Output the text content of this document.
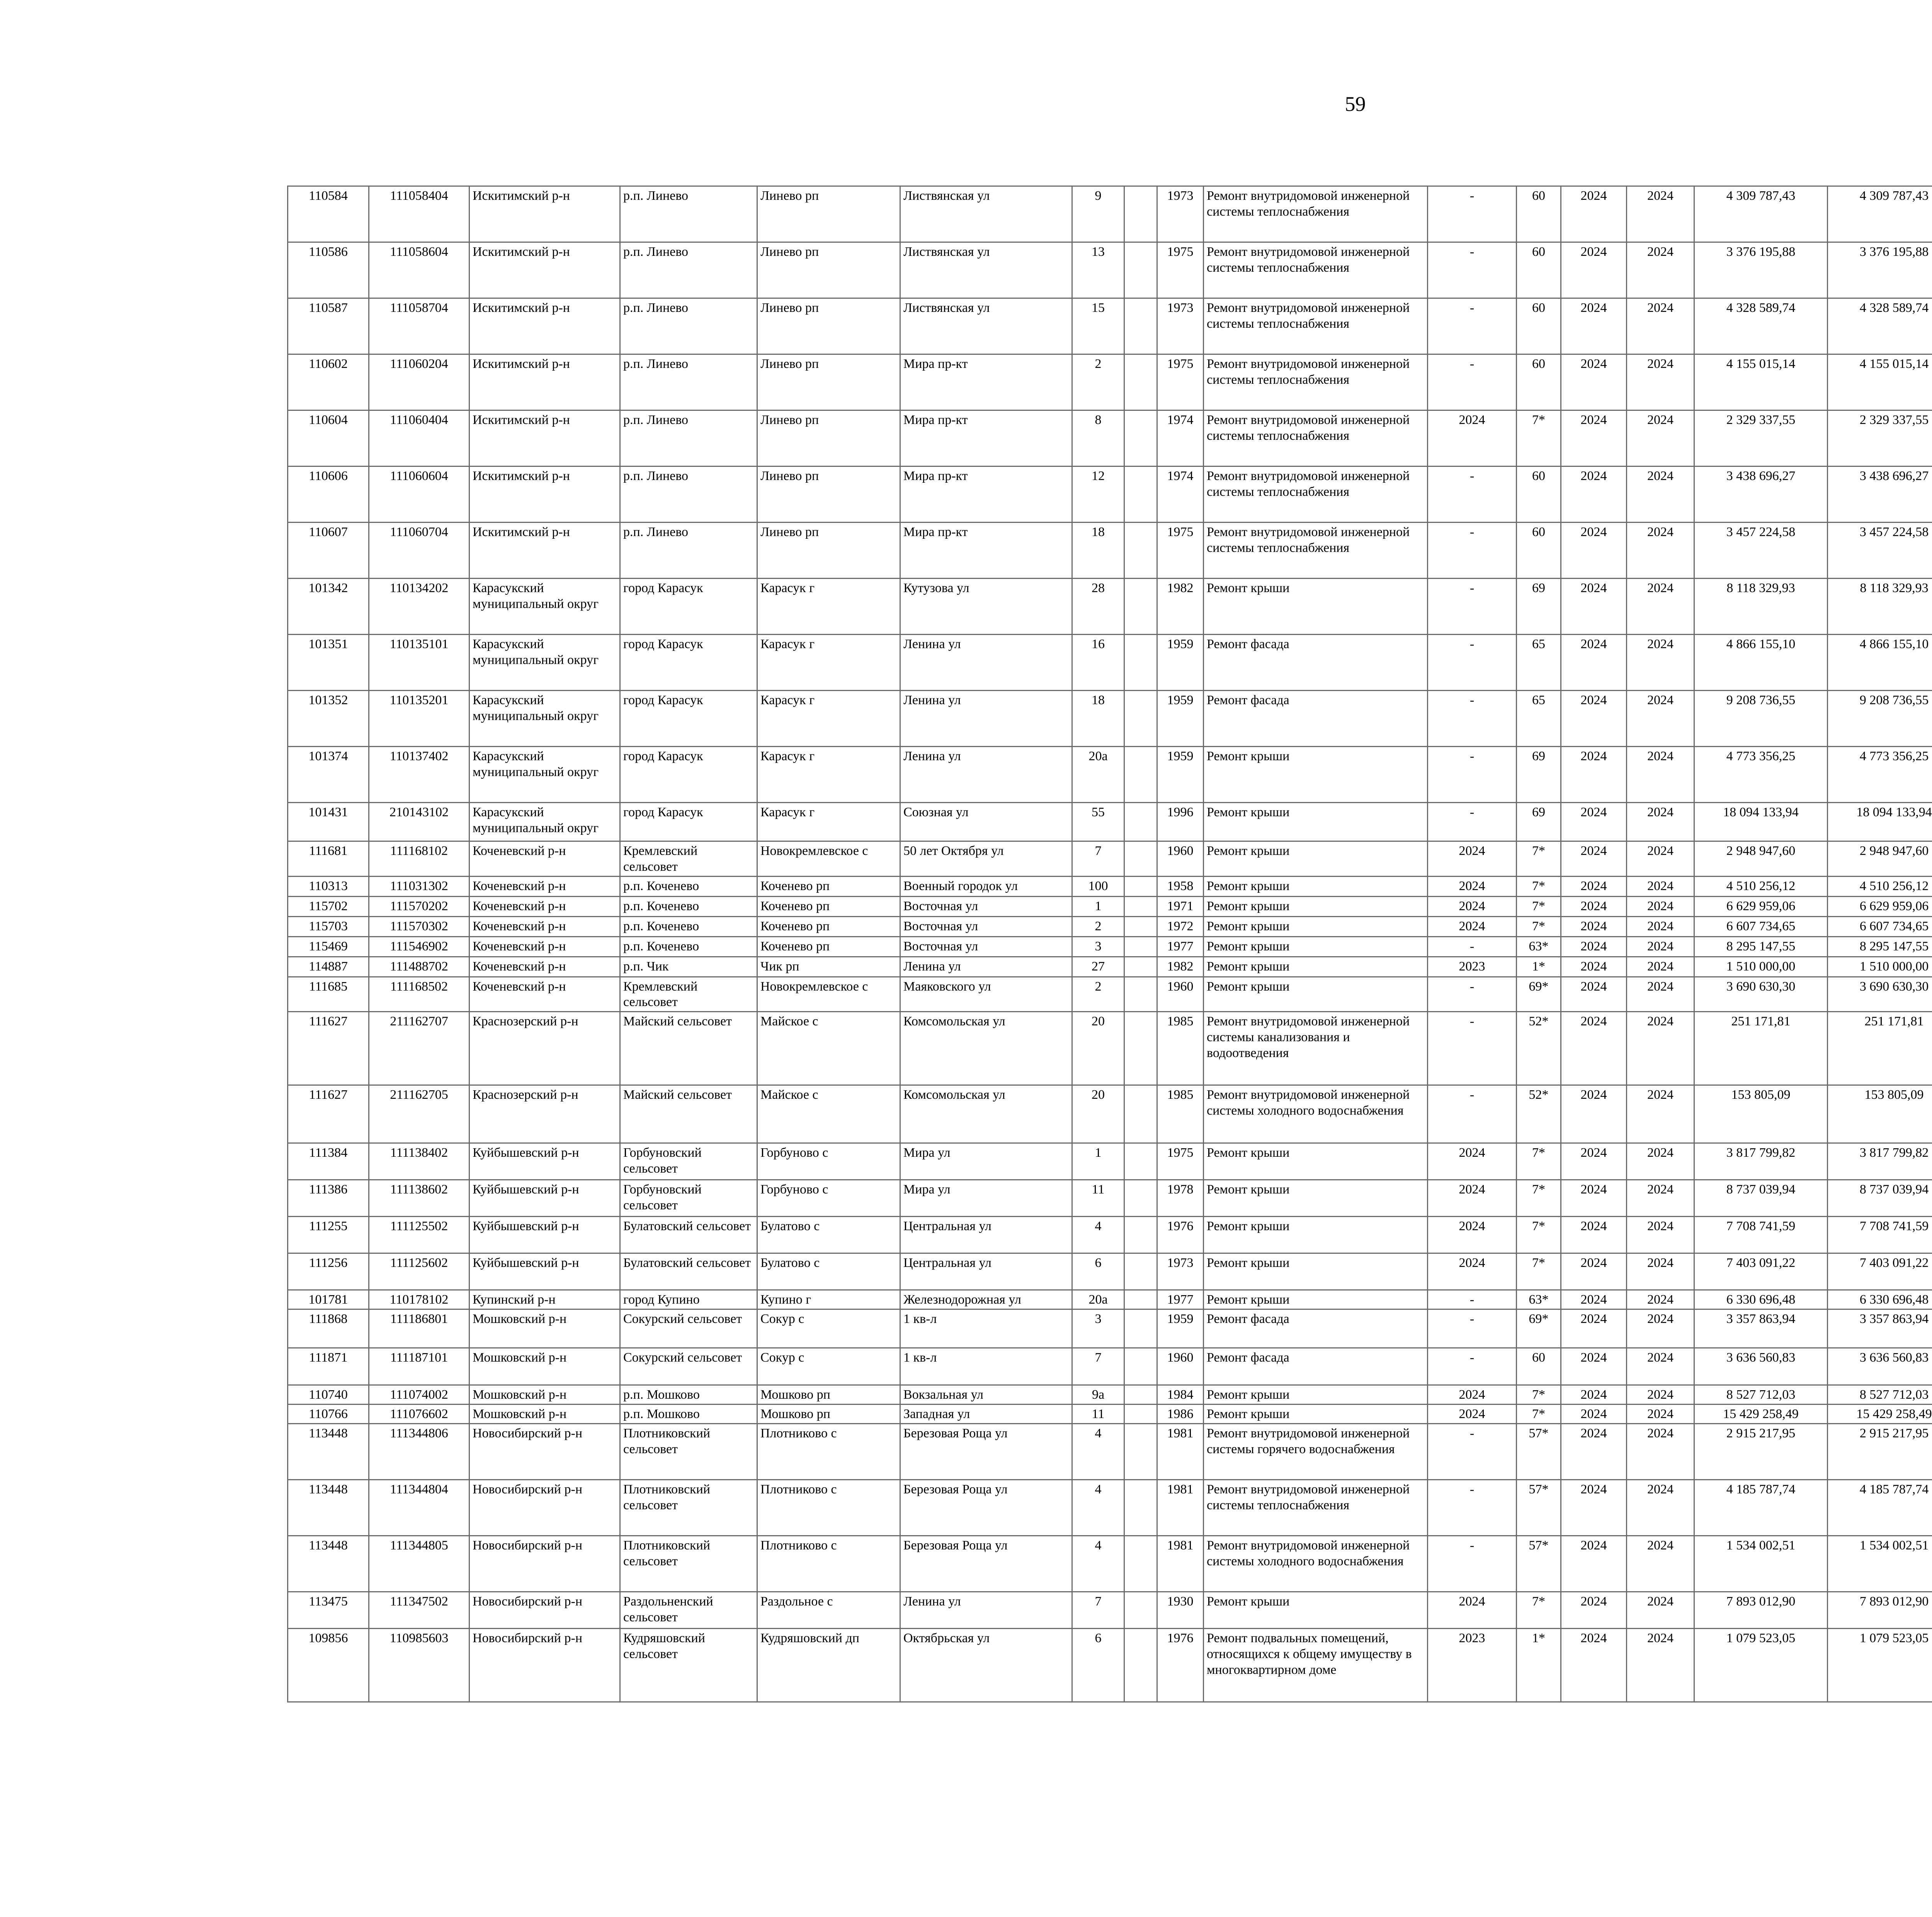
59
110584	111058404	Искитимский р-н	р.п. Линево	Линево рп	Листвянская ул	9		1973	Ремонт внутридомовой инженерной системы теплоснабжения	-	60	2024	2024	4 309 787,43	4 309 787,43						
110586	111058604	Искитимский р-н	р.п. Линево	Линево рп	Листвянская ул	13		1975	Ремонт внутридомовой инженерной системы теплоснабжения	-	60	2024	2024	3 376 195,88	3 376 195,88						
110587	111058704	Искитимский р-н	р.п. Линево	Линево рп	Листвянская ул	15		1973	Ремонт внутридомовой инженерной системы теплоснабжения	-	60	2024	2024	4 328 589,74	4 328 589,74						
110602	111060204	Искитимский р-н	р.п. Линево	Линево рп	Мира пр-кт	2		1975	Ремонт внутридомовой инженерной системы теплоснабжения	-	60	2024	2024	4 155 015,14	4 155 015,14						
110604	111060404	Искитимский р-н	р.п. Линево	Линево рп	Мира пр-кт	8		1974	Ремонт внутридомовой инженерной системы теплоснабжения	2024	7*	2024	2024	2 329 337,55	2 329 337,55						
110606	111060604	Искитимский р-н	р.п. Линево	Линево рп	Мира пр-кт	12		1974	Ремонт внутридомовой инженерной системы теплоснабжения	-	60	2024	2024	3 438 696,27	3 438 696,27						
110607	111060704	Искитимский р-н	р.п. Линево	Линево рп	Мира пр-кт	18		1975	Ремонт внутридомовой инженерной системы теплоснабжения	-	60	2024	2024	3 457 224,58	3 457 224,58						
101342	110134202	Карасукский муниципальный округ	город Карасук	Карасук г	Кутузова ул	28		1982	Ремонт крыши	-	69	2024	2024	8 118 329,93	8 118 329,93						
101351	110135101	Карасукский муниципальный округ	город Карасук	Карасук г	Ленина ул	16		1959	Ремонт фасада	-	65	2024	2024	4 866 155,10	4 866 155,10						
101352	110135201	Карасукский муниципальный округ	город Карасук	Карасук г	Ленина ул	18		1959	Ремонт фасада	-	65	2024	2024	9 208 736,55	9 208 736,55						
101374	110137402	Карасукский муниципальный округ	город Карасук	Карасук г	Ленина ул	20а		1959	Ремонт крыши	-	69	2024	2024	4 773 356,25	4 773 356,25						
101431	210143102	Карасукский муниципальный округ	город Карасук	Карасук г	Союзная ул	55		1996	Ремонт крыши	-	69	2024	2024	18 094 133,94	18 094 133,94						
111681	111168102	Коченевский р-н	Кремлевский сельсовет	Новокремлевское с	50 лет Октября ул	7		1960	Ремонт крыши	2024	7*	2024	2024	2 948 947,60	2 948 947,60						
110313	111031302	Коченевский р-н	р.п. Коченево	Коченево рп	Военный городок ул	100		1958	Ремонт крыши	2024	7*	2024	2024	4 510 256,12	4 510 256,12						
115702	111570202	Коченевский р-н	р.п. Коченево	Коченево рп	Восточная ул	1		1971	Ремонт крыши	2024	7*	2024	2024	6 629 959,06	6 629 959,06						
115703	111570302	Коченевский р-н	р.п. Коченево	Коченево рп	Восточная ул	2		1972	Ремонт крыши	2024	7*	2024	2024	6 607 734,65	6 607 734,65						
115469	111546902	Коченевский р-н	р.п. Коченево	Коченево рп	Восточная ул	3		1977	Ремонт крыши	-	63*	2024	2024	8 295 147,55	8 295 147,55						
114887	111488702	Коченевский р-н	р.п. Чик	Чик рп	Ленина ул	27		1982	Ремонт крыши	2023	1*	2024	2024	1 510 000,00	1 510 000,00						
111685	111168502	Коченевский р-н	Кремлевский сельсовет	Новокремлевское с	Маяковского ул	2		1960	Ремонт крыши	-	69*	2024	2024	3 690 630,30	3 690 630,30						
111627	211162707	Краснозерский р-н	Майский сельсовет	Майское с	Комсомольская ул	20		1985	Ремонт внутридомовой инженерной системы канализования и водоотведения	-	52*	2024	2024	251 171,81	251 171,81						
111627	211162705	Краснозерский р-н	Майский сельсовет	Майское с	Комсомольская ул	20		1985	Ремонт внутридомовой инженерной системы холодного водоснабжения	-	52*	2024	2024	153 805,09	153 805,09						
111384	111138402	Куйбышевский р-н	Горбуновский сельсовет	Горбуново с	Мира ул	1		1975	Ремонт крыши	2024	7*	2024	2024	3 817 799,82	3 817 799,82						
111386	111138602	Куйбышевский р-н	Горбуновский сельсовет	Горбуново с	Мира ул	11		1978	Ремонт крыши	2024	7*	2024	2024	8 737 039,94	8 737 039,94						
111255	111125502	Куйбышевский р-н	Булатовский сельсовет	Булатово с	Центральная ул	4		1976	Ремонт крыши	2024	7*	2024	2024	7 708 741,59	7 708 741,59						
111256	111125602	Куйбышевский р-н	Булатовский сельсовет	Булатово с	Центральная ул	6		1973	Ремонт крыши	2024	7*	2024	2024	7 403 091,22	7 403 091,22						
101781	110178102	Купинский р-н	город Купино	Купино г	Железнодорожная ул	20а		1977	Ремонт крыши	-	63*	2024	2024	6 330 696,48	6 330 696,48						
111868	111186801	Мошковский р-н	Сокурский сельсовет	Сокур с	1 кв-л	3		1959	Ремонт фасада	-	69*	2024	2024	3 357 863,94	3 357 863,94						
111871	111187101	Мошковский р-н	Сокурский сельсовет	Сокур с	1 кв-л	7		1960	Ремонт фасада	-	60	2024	2024	3 636 560,83	3 636 560,83						
110740	111074002	Мошковский р-н	р.п. Мошково	Мошково рп	Вокзальная ул	9а		1984	Ремонт крыши	2024	7*	2024	2024	8 527 712,03	8 527 712,03						
110766	111076602	Мошковский р-н	р.п. Мошково	Мошково рп	Западная ул	11		1986	Ремонт крыши	2024	7*	2024	2024	15 429 258,49	15 429 258,49						
113448	111344806	Новосибирский р-н	Плотниковский сельсовет	Плотниково с	Березовая Роща ул	4		1981	Ремонт внутридомовой инженерной системы горячего водоснабжения	-	57*	2024	2024	2 915 217,95	2 915 217,95						
113448	111344804	Новосибирский р-н	Плотниковский сельсовет	Плотниково с	Березовая Роща ул	4		1981	Ремонт внутридомовой инженерной системы теплоснабжения	-	57*	2024	2024	4 185 787,74	4 185 787,74						
113448	111344805	Новосибирский р-н	Плотниковский сельсовет	Плотниково с	Березовая Роща ул	4		1981	Ремонт внутридомовой инженерной системы холодного водоснабжения	-	57*	2024	2024	1 534 002,51	1 534 002,51						
113475	111347502	Новосибирский р-н	Раздольненский сельсовет	Раздольное с	Ленина ул	7		1930	Ремонт крыши	2024	7*	2024	2024	7 893 012,90	7 893 012,90						
109856	110985603	Новосибирский р-н	Кудряшовский сельсовет	Кудряшовский дп	Октябрьская ул	6		1976	Ремонт подвальных помещений, относящихся к общему имуществу в многоквартирном доме	2023	1*	2024	2024	1 079 523,05	1 079 523,05						
